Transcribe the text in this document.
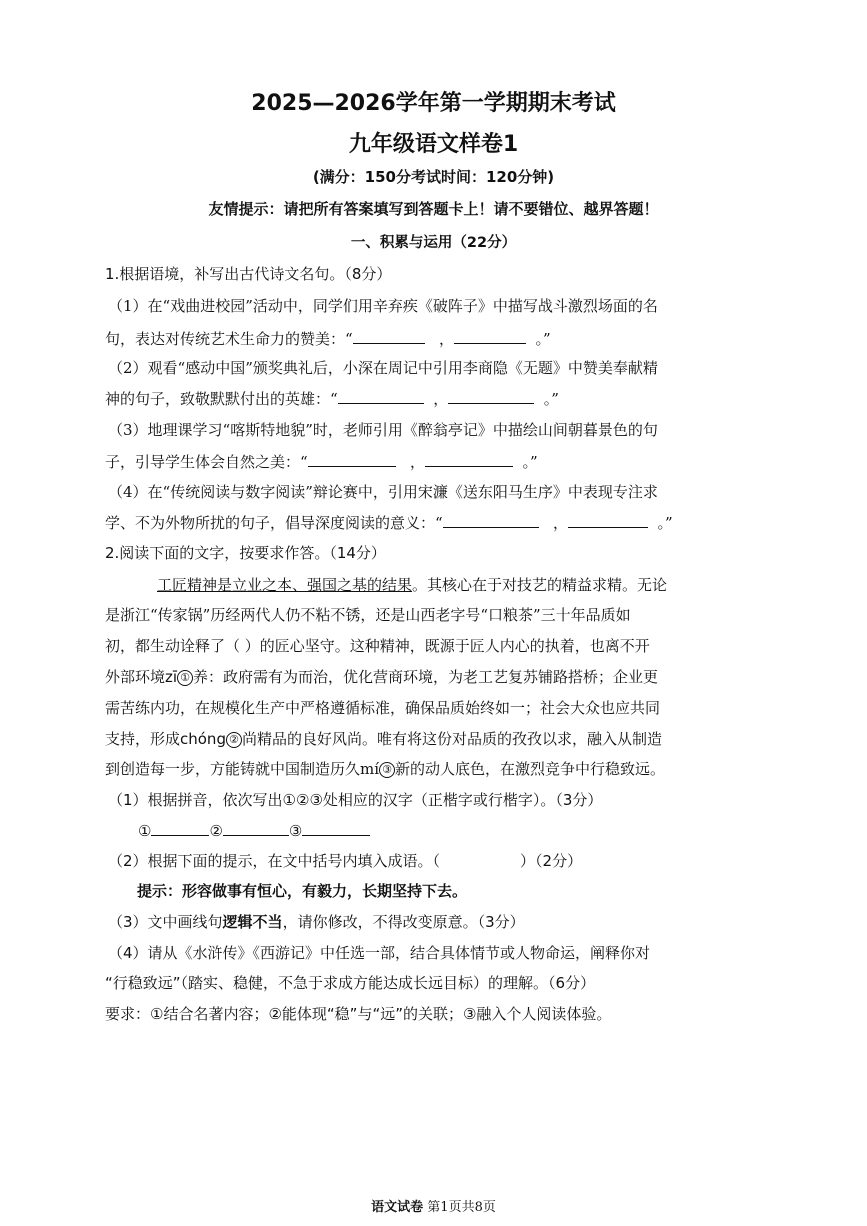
2025—2026学年第一学期期末考试
九年级语文样卷1
(满分：150分考试时间：120分钟)
友情提示：请把所有答案填写到答题卡上！请不要错位、越界答题！
一、积累与运用（22分）
1.根据语境，补写出古代诗文名句。（8分）
（1）在“戏曲进校园”活动中，同学们用辛弃疾《破阵子》中描写战斗激烈场面的名
句，表达对传统艺术生命力的赞美：“	，	。”
（2）观看“感动中国”颁奖典礼后，小深在周记中引用李商隐《无题》中赞美奉献精
神的句子，致敬默默付出的英雄：“	，	。”
（3）地理课学习“喀斯特地貌”时，老师引用《醉翁亭记》中描绘山间朝暮景色的句
子，引导学生体会自然之美：“	，	。”
（4）在“传统阅读与数字阅读”辩论赛中，引用宋濂《送东阳马生序》中表现专注求
学、不为外物所扰的句子，倡导深度阅读的意义：“	，	。”
2.阅读下面的文字，按要求作答。（14分）
工匠精神是立业之本、强国之基的结果。其核心在于对技艺的精益求精。无论
是浙江“传家锅”历经两代人仍不粘不锈，还是山西老字号“口粮茶”三十年品质如
初，都生动诠释了（ ）的匠心坚守。这种精神，既源于匠人内心的执着，也离不开
外部环境zī ① 养：政府需有为而治，优化营商环境，为老工艺复苏铺路搭桥；企业更
需苦练内功，在规模化生产中严格遵循标准，确保品质始终如一；社会大众也应共同
支持，形成chóng ② 尚精品的良好风尚。唯有将这份对品质的孜孜以求，融入从制造
到创造每一步，方能铸就中国制造历久mí ③ 新的动人底色，在激烈竞争中行稳致远。
（1）根据拼音，依次写出①②③处相应的汉字（正楷字或行楷字）。（3分）
①	②	③
（2）根据下面的提示，在文中括号内填入成语。（	）（2分）
提示：形容做事有恒心，有毅力，长期坚持下去。
（3）文中画线句逻辑不当，请你修改，不得改变原意。（3分）
（4）请从《水浒传》《西游记》中任选一部，结合具体情节或人物命运，阐释你对
“行稳致远”（踏实、稳健，不急于求成方能达成长远目标）的理解。（6分）
要求：①结合名著内容；②能体现“稳”与“远”的关联；③融入个人阅读体验。
语文试卷 第1页共8页
